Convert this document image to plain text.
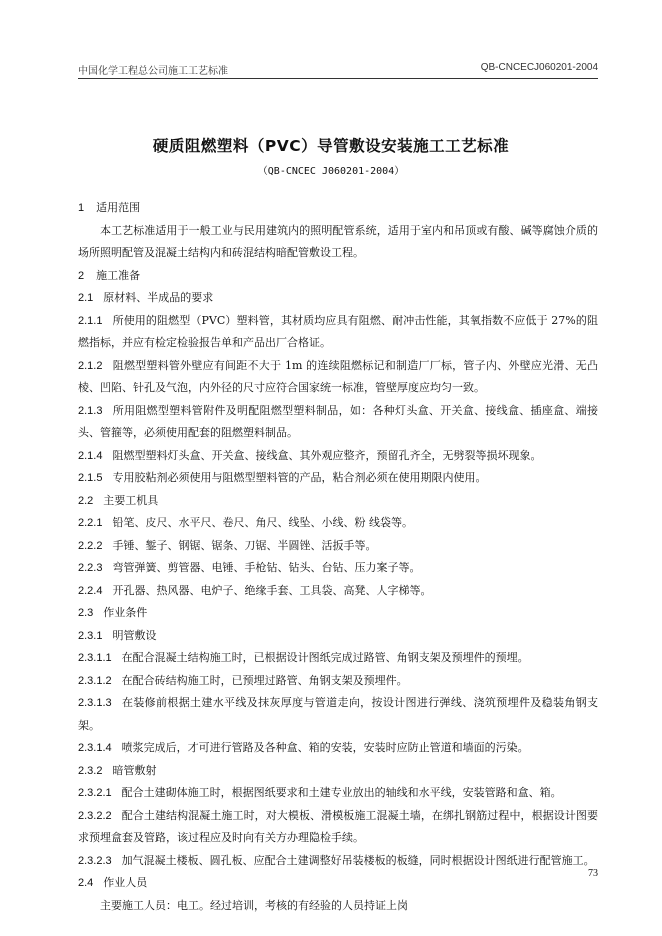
中国化学工程总公司施工工艺标准	QB-CNCECJ060201-2004
硬质阻燃塑料（PVC）导管敷设安装施工工艺标准
（QB-CNCEC J060201-2004）
1 适用范围
本工艺标准适用于一般工业与民用建筑内的照明配管系统，适用于室内和吊顶或有酸、碱等腐蚀介质的场所照明配管及混凝土结构内和砖混结构暗配管敷设工程。
2 施工准备
2.1 原材料、半成品的要求
2.1.1 所使用的阻燃型（PVC）塑料管，其材质均应具有阻燃、耐冲击性能，其氧指数不应低于 27%的阻燃指标，并应有检定检验报告单和产品出厂合格证。
2.1.2 阻燃型塑料管外壁应有间距不大于 1m 的连续阻燃标记和制造厂厂标，管子内、外壁应光滑、无凸棱、凹陷、针孔及气泡，内外径的尺寸应符合国家统一标准，管壁厚度应均匀一致。
2.1.3 所用阻燃型塑料管附件及明配阻燃型塑料制品，如：各种灯头盒、开关盒、接线盒、插座盒、端接头、管箍等，必须使用配套的阻燃塑料制品。
2.1.4 阻燃型塑料灯头盒、开关盒、接线盒、其外观应整齐，预留孔齐全，无劈裂等损坏现象。
2.1.5 专用胶粘剂必须使用与阻燃型塑料管的产品，粘合剂必须在使用期限内使用。
2.2 主要工机具
2.2.1 铅笔、皮尺、水平尺、卷尺、角尺、线坠、小线、粉 线袋等。
2.2.2 手锤、錾子、钢锯、锯条、刀锯、半圆锉、活扳手等。
2.2.3 弯管弹簧、剪管器、电锤、手枪钻、钻头、台钻、压力案子等。
2.2.4 开孔器、热风器、电炉子、绝缘手套、工具袋、高凳、人字梯等。
2.3 作业条件
2.3.1 明管敷设
2.3.1.1 在配合混凝土结构施工时，已根据设计图纸完成过路管、角钢支架及预埋件的预埋。
2.3.1.2 在配合砖结构施工时，已预埋过路管、角钢支架及预埋件。
2.3.1.3 在装修前根据土建水平线及抹灰厚度与管道走向，按设计图进行弹线、浇筑预埋件及稳装角钢支架。
2.3.1.4 喷浆完成后，才可进行管路及各种盒、箱的安装，安装时应防止管道和墙面的污染。
2.3.2 暗管敷射
2.3.2.1 配合土建砌体施工时，根据图纸要求和土建专业放出的轴线和水平线，安装管路和盒、箱。
2.3.2.2 配合土建结构混凝土施工时，对大模板、滑模板施工混凝土墙，在绑扎钢筋过程中，根据设计图要求预埋盒套及管路，该过程应及时向有关方办理隐检手续。
2.3.2.3 加气混凝土楼板、圆孔板、应配合土建调整好吊装楼板的板缝，同时根据设计图纸进行配管施工。
2.4 作业人员
主要施工人员：电工。经过培训，考核的有经验的人员持证上岗
73
